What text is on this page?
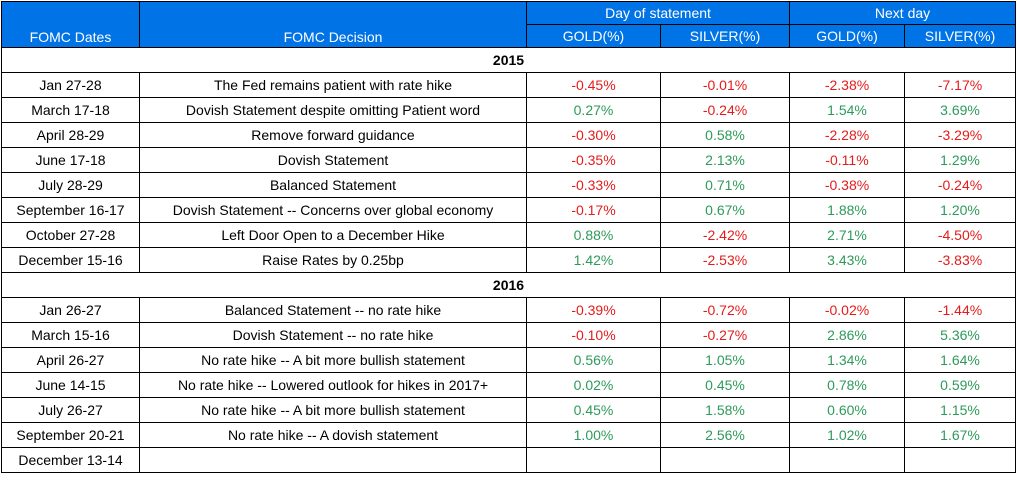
FOMC Dates	FOMC Decision	Day of statement		Next day	
		GOLD(%)	SILVER(%)	GOLD(%)	SILVER(%)
2015					
Jan 27-28	The Fed remains patient with rate hike	-0.45%	-0.01%	-2.38%	-7.17%
March 17-18	Dovish Statement despite omitting Patient word	0.27%	-0.24%	1.54%	3.69%
April 28-29	Remove forward guidance	-0.30%	0.58%	-2.28%	-3.29%
June 17-18	Dovish Statement	-0.35%	2.13%	-0.11%	1.29%
July 28-29	Balanced Statement	-0.33%	0.71%	-0.38%	-0.24%
September 16-17	Dovish Statement -- Concerns over global economy	-0.17%	0.67%	1.88%	1.20%
October 27-28	Left Door Open to a December Hike	0.88%	-2.42%	2.71%	-4.50%
December 15-16	Raise Rates by 0.25bp	1.42%	-2.53%	3.43%	-3.83%
2016					
Jan 26-27	Balanced Statement -- no rate hike	-0.39%	-0.72%	-0.02%	-1.44%
March 15-16	Dovish Statement -- no rate hike	-0.10%	-0.27%	2.86%	5.36%
April 26-27	No rate hike -- A bit more bullish statement	0.56%	1.05%	1.34%	1.64%
June 14-15	No rate hike -- Lowered outlook for hikes in 2017+	0.02%	0.45%	0.78%	0.59%
July 26-27	No rate hike -- A bit more bullish statement	0.45%	1.58%	0.60%	1.15%
September 20-21	No rate hike -- A dovish statement	1.00%	2.56%	1.02%	1.67%
December 13-14					
